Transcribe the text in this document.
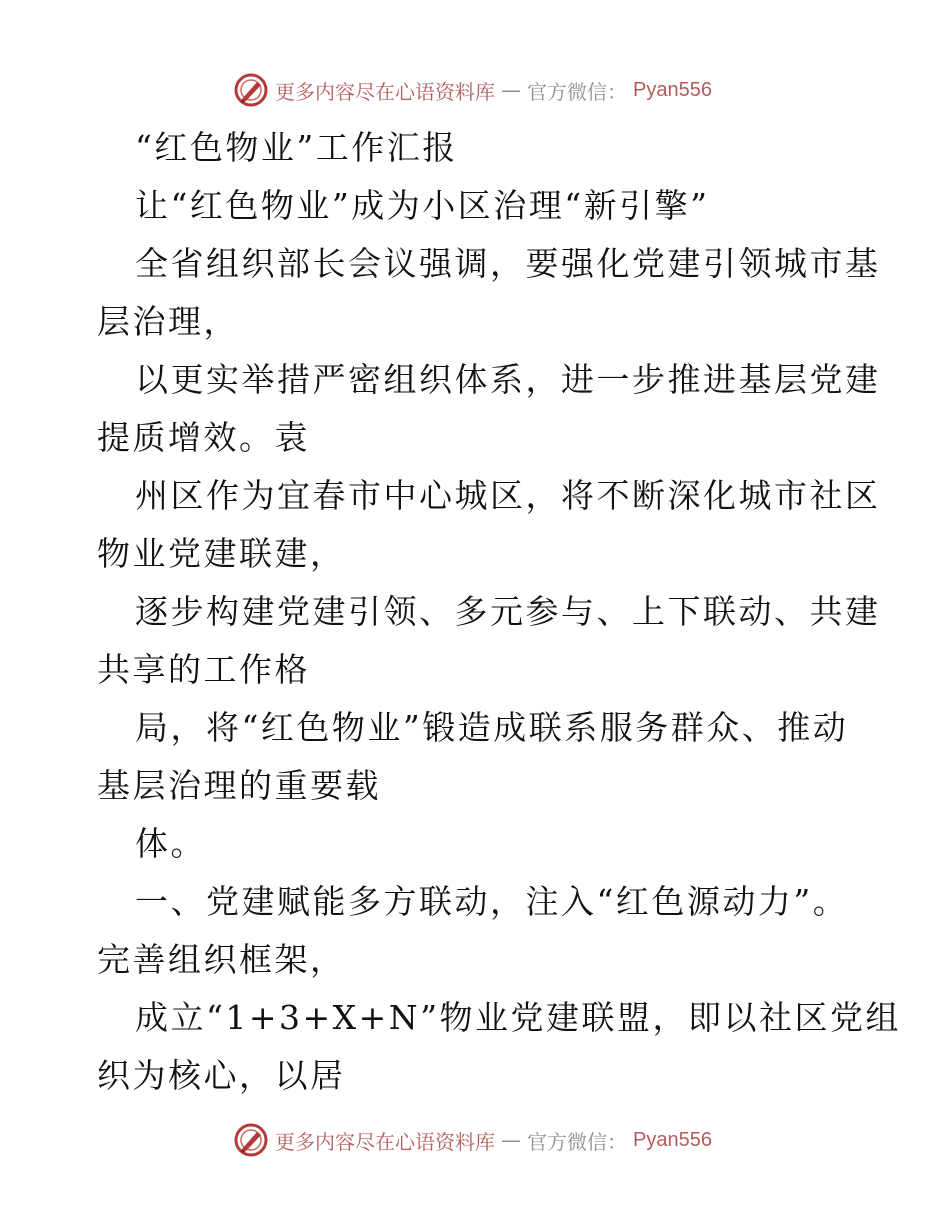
更多内容尽在心语资料库 — 官方微信： Pyan556

“红色物业”工作汇报

让“红色物业”成为小区治理“新引擎”

全省组织部长会议强调，要强化党建引领城市基

层治理，

以更实举措严密组织体系，进一步推进基层党建

提质增效。袁

州区作为宜春市中心城区，将不断深化城市社区

物业党建联建，

逐步构建党建引领、多元参与、上下联动、共建

共享的工作格

局，将“红色物业”锻造成联系服务群众、推动

基层治理的重要载

体。

一、党建赋能多方联动，注入“红色源动力”。

完善组织框架，

成立“1+3+X+N”物业党建联盟，即以社区党组

织为核心，以居

更多内容尽在心语资料库 — 官方微信： Pyan556
